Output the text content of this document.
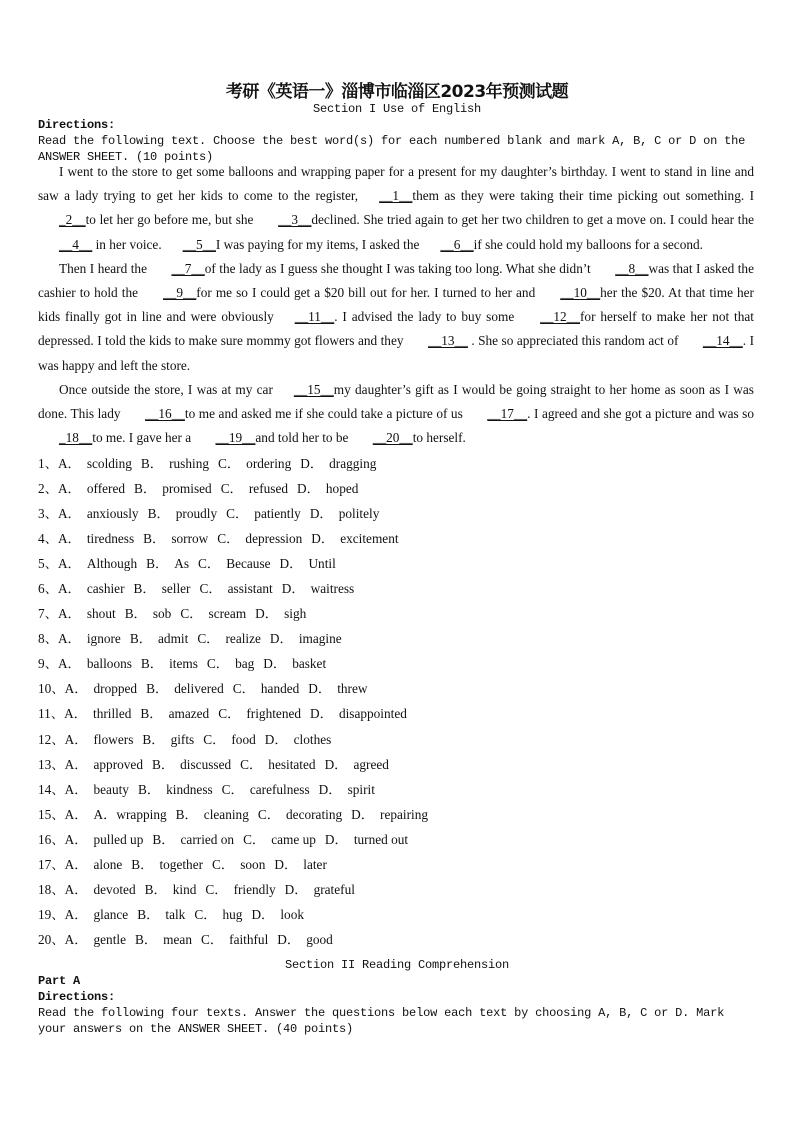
考研《英语一》淄博市临淄区2023年预测试题
Section I Use of English
Directions:
Read the following text. Choose the best word(s) for each numbered blank and mark A, B, C or D on the
ANSWER SHEET. (10 points)

I went to the store to get some balloons and wrapping paper for a present for my daughter’s birthday. I went to stand in line and saw a lady trying to get her kids to come to the register, __1__them as they were taking their time picking out something. I _2__to let her go before me, but she __3__declined. She tried again to get her two children to get a move on. I could hear the __4__ in her voice. __5__I was paying for my items, I asked the __6__if she could hold my balloons for a second.

Then I heard the __7__of the lady as I guess she thought I was taking too long. What she didn’t __8__was that I asked the cashier to hold the __9__for me so I could get a $20 bill out for her. I turned to her and __10__her the $20. At that time her kids finally got in line and were obviously __11__. I advised the lady to buy some __12__for herself to make her not that depressed. I told the kids to make sure mommy got flowers and they __13__ . She so appreciated this random act of __14__. I was happy and left the store.

Once outside the store, I was at my car __15__my daughter’s gift as I would be going straight to her home as soon as I was done. This lady __16__to me and asked me if she could take a picture of us __17__. I agreed and she got a picture and was so _18__to me. I gave her a __19__and told her to be __20__to herself.

1、A． scolding B． rushing C． ordering D． dragging
2、A． offered B． promised C． refused D． hoped
3、A． anxiously B． proudly C． patiently D． politely
4、A． tiredness B． sorrow C． depression D． excitement
5、A． Although B． As C． Because D． Until
6、A． cashier B． seller C． assistant D． waitress
7、A． shout B． sob C． scream D． sigh
8、A． ignore B． admit C． realize D． imagine
9、A． balloons B． items C． bag D． basket
10、A． dropped B． delivered C． handed D． threw
11、A． thrilled B． amazed C． frightened D． disappointed
12、A． flowers B． gifts C． food D． clothes
13、A． approved B． discussed C． hesitated D． agreed
14、A． beauty B． kindness C． carefulness D． spirit
15、A． A．wrapping B． cleaning C． decorating D． repairing
16、A． pulled up B． carried on C． came up D． turned out
17、A． alone B． together C． soon D． later
18、A． devoted B． kind C． friendly D． grateful
19、A． glance B． talk C． hug D． look
20、A． gentle B． mean C． faithful D． good
Section II Reading Comprehension
Part A
Directions:
Read the following four texts. Answer the questions below each text by choosing A, B, C or D. Mark
your answers on the ANSWER SHEET. (40 points)
